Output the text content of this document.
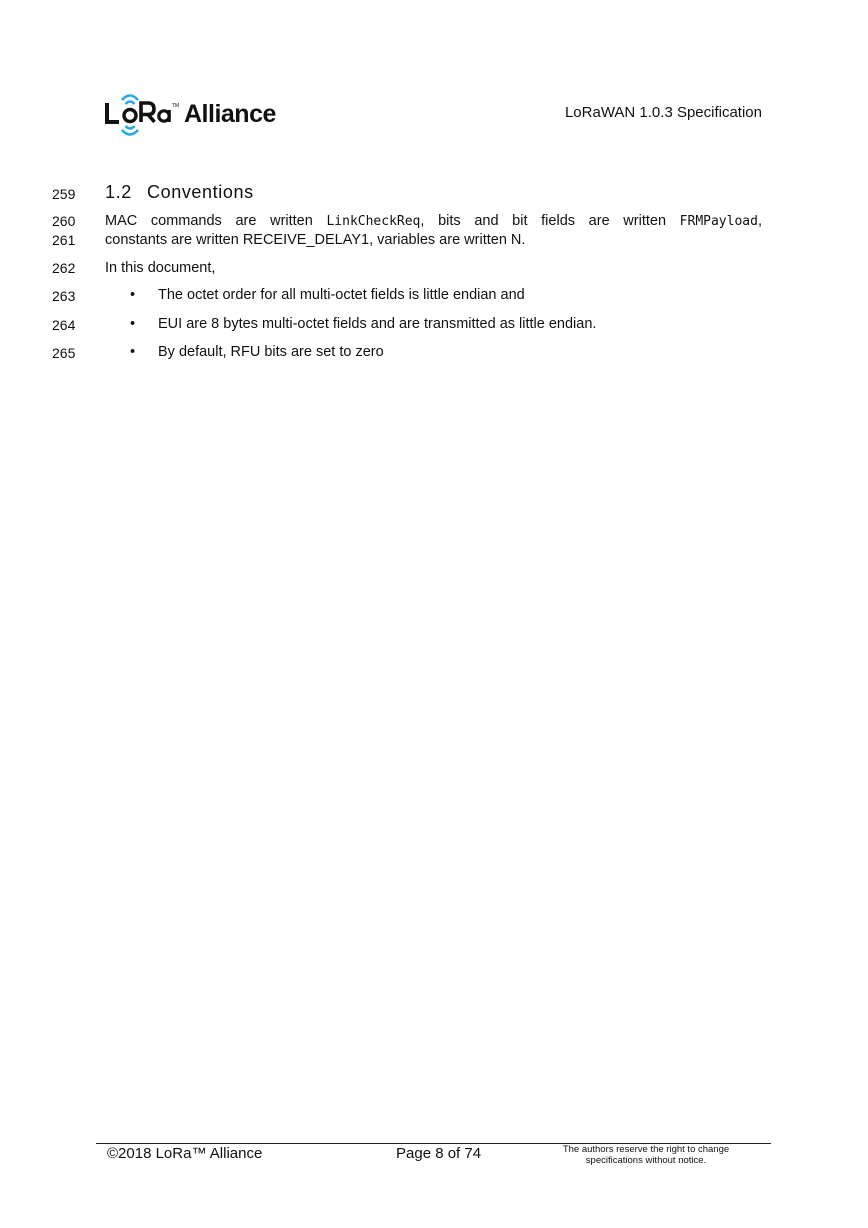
TM Alliance	LoRaWAN 1.0.3 Specification
259 1.2 Conventions
260
261
MAC commands are written LinkCheckReq, bits and bit fields are written FRMPayload,
constants are written RECEIVE_DELAY1, variables are written N.
262 In this document,
263	• The octet order for all multi-octet fields is little endian and
264	• EUI are 8 bytes multi-octet fields and are transmitted as little endian.
265	• By default, RFU bits are set to zero
©2018 LoRa™ Alliance	Page 8 of 74	The authors reserve the right to change
specifications without notice.
